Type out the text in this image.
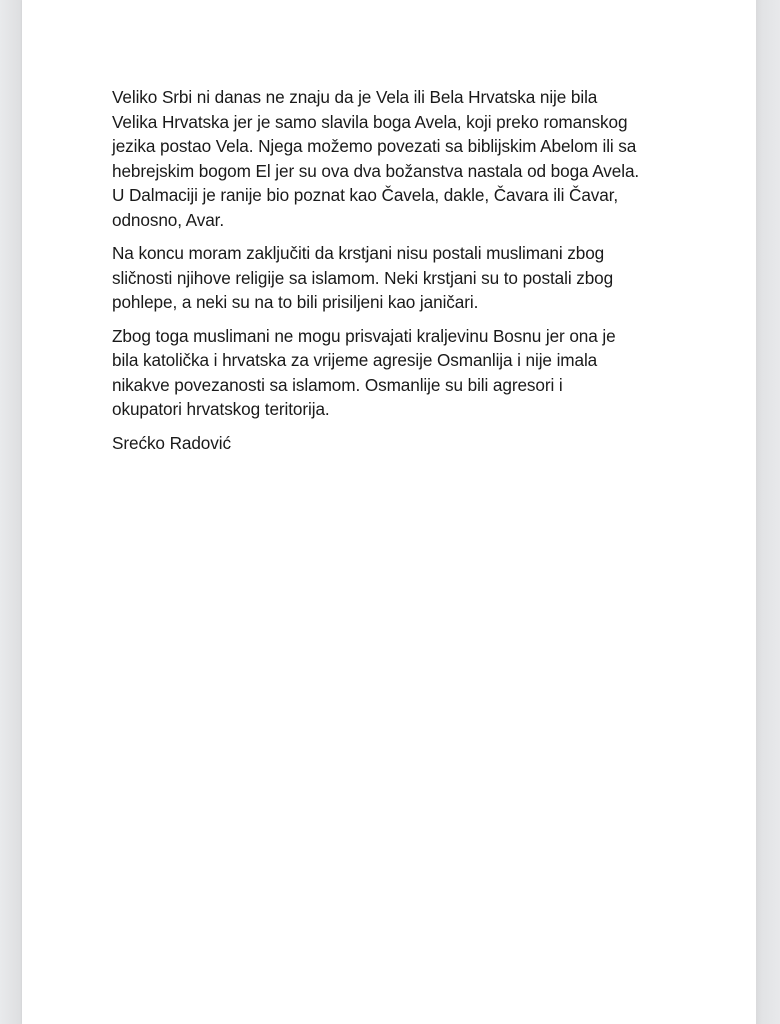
Veliko Srbi ni danas ne znaju da je Vela ili Bela Hrvatska nije bila
Velika Hrvatska jer je samo slavila boga Avela, koji preko romanskog
jezika postao Vela. Njega možemo povezati sa biblijskim Abelom ili sa
hebrejskim bogom El jer su ova dva božanstva nastala od boga Avela.
U Dalmaciji je ranije bio poznat kao Čavela, dakle, Čavara ili Čavar,
odnosno, Avar.

Na koncu moram zaključiti da krstjani nisu postali muslimani zbog
sličnosti njihove religije sa islamom. Neki krstjani su to postali zbog
pohlepe, a neki su na to bili prisiljeni kao janičari.

Zbog toga muslimani ne mogu prisvajati kraljevinu Bosnu jer ona je
bila katolička i hrvatska za vrijeme agresije Osmanlija i nije imala
nikakve povezanosti sa islamom. Osmanlije su bili agresori i
okupatori hrvatskog teritorija.

Srećko Radović
